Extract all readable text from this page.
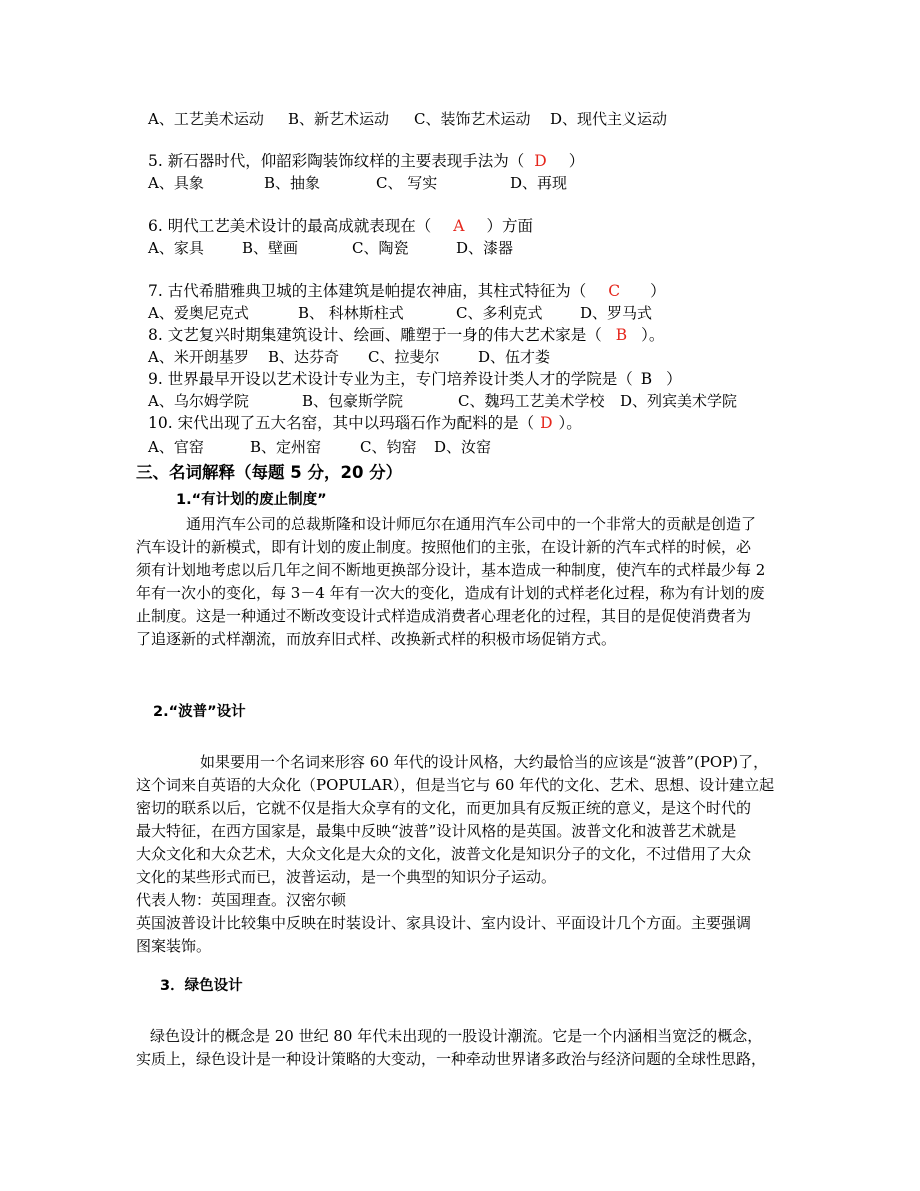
A、工艺美术运动 B、新艺术运动 C、装饰艺术运动 D、现代主义运动
5. 新石器时代，仰韶彩陶装饰纹样的主要表现手法为（ D ）
A、具象	B、抽象	C、 写实	D、再现
6. 明代工艺美术设计的最高成就表现在（ A ）方面
A、家具	B、壁画	C、陶瓷	D、漆器
7. 古代希腊雅典卫城的主体建筑是帕提农神庙，其柱式特征为（ C ）
A、爱奥尼克式	B、 科林斯柱式	C、多利克式	D、罗马式
8. 文艺复兴时期集建筑设计、绘画、雕塑于一身的伟大艺术家是（ B ）。
A、米开朗基罗 B、达芬奇 C、拉斐尔	D、伍才娄
9. 世界最早开设以艺术设计专业为主，专门培养设计类人才的学院是（ B ）
A、乌尔姆学院	B、包豪斯学院	C、魏玛工艺美术学校 D、列宾美术学院
10. 宋代出现了五大名窑，其中以玛瑙石作为配料的是（ D ）。
A、官窑	B、定州窑	C、钧窑 D、汝窑
三、名词解释（每题 5 分，20 分）
1.“有计划的废止制度”

通用汽车公司的总裁斯隆和设计师厄尔在通用汽车公司中的一个非常大的贡献是创造了

汽车设计的新模式，即有计划的废止制度。按照他们的主张，在设计新的汽车式样的时候，必

须有计划地考虑以后几年之间不断地更换部分设计，基本造成一种制度，使汽车的式样最少每 2

年有一次小的变化，每 3－4 年有一次大的变化，造成有计划的式样老化过程，称为有计划的废

止制度。这是一种通过不断改变设计式样造成消费者心理老化的过程，其目的是促使消费者为

了追逐新的式样潮流，而放弃旧式样、改换新式样的积极市场促销方式。

2.“波普”设计

如果要用一个名词来形容 60 年代的设计风格，大约最恰当的应该是“波普”(POP)了，

这个词来自英语的大众化（POPULAR），但是当它与 60 年代的文化、艺术、思想、设计建立起

密切的联系以后，它就不仅是指大众享有的文化，而更加具有反叛正统的意义，是这个时代的

最大特征，在西方国家是，最集中反映“波普”设计风格的是英国。波普文化和波普艺术就是

大众文化和大众艺术，大众文化是大众的文化，波普文化是知识分子的文化，不过借用了大众

文化的某些形式而已，波普运动，是一个典型的知识分子运动。

代表人物：英国理查。汉密尔顿

英国波普设计比较集中反映在时装设计、家具设计、室内设计、平面设计几个方面。主要强调

图案装饰。

3．绿色设计

绿色设计的概念是 20 世纪 80 年代未出现的一股设计潮流。它是一个内涵相当宽泛的概念，

实质上，绿色设计是一种设计策略的大变动，一种牵动世界诸多政治与经济问题的全球性思路，
